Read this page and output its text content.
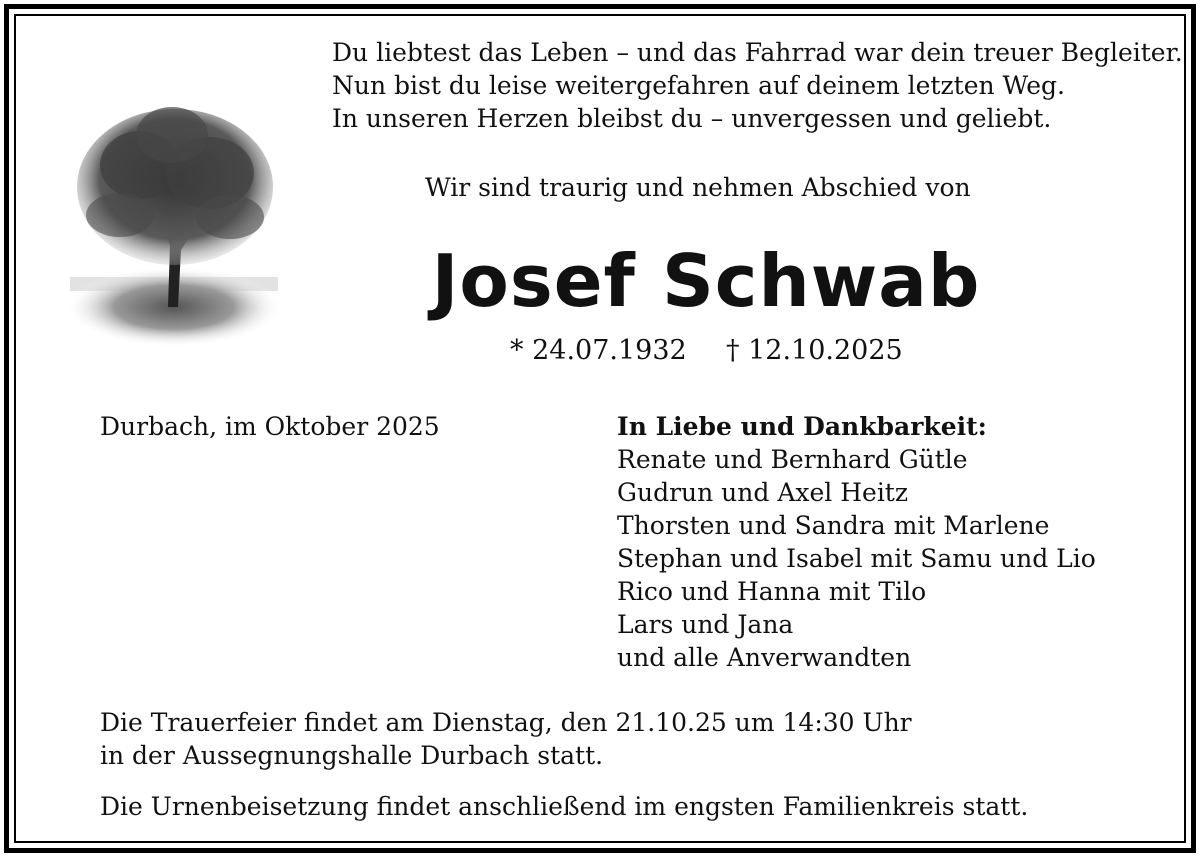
Du liebtest das Leben – und das Fahrrad war dein treuer Begleiter.
Nun bist du leise weitergefahren auf deinem letzten Weg.
In unseren Herzen bleibst du – unvergessen und geliebt.
Wir sind traurig und nehmen Abschied von
Josef Schwab
* 24.07.1932 † 12.10.2025
Durbach, im Oktober 2025	In Liebe und Dankbarkeit:
Renate und Bernhard Gütle
Gudrun und Axel Heitz
Thorsten und Sandra mit Marlene
Stephan und Isabel mit Samu und Lio
Rico und Hanna mit Tilo
Lars und Jana
und alle Anverwandten
Die Trauerfeier findet am Dienstag, den 21.10.25 um 14:30 Uhr
in der Aussegnungshalle Durbach statt.
Die Urnenbeisetzung findet anschließend im engsten Familienkreis statt.
